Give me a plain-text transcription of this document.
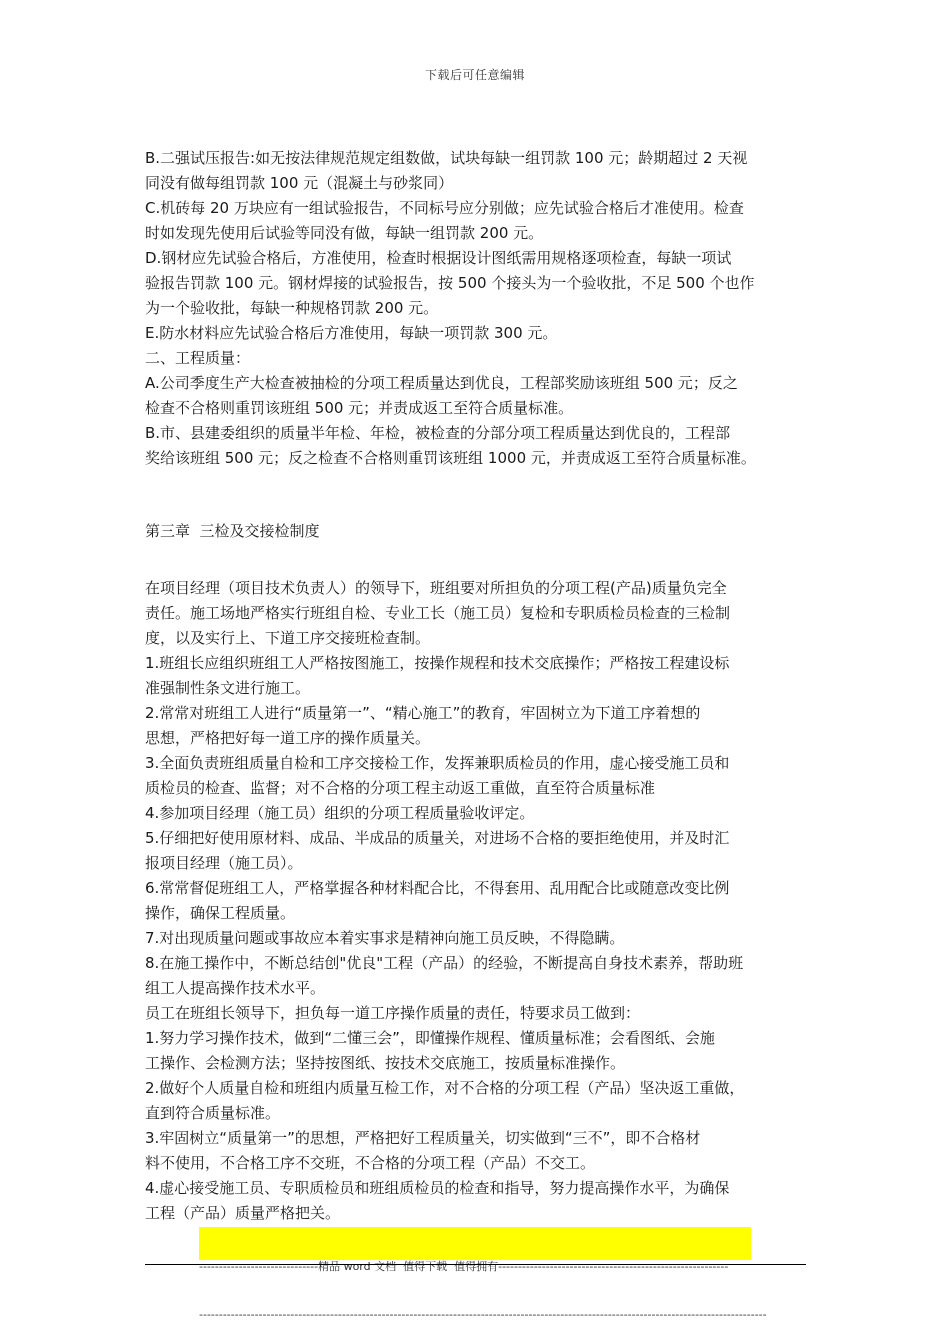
下载后可任意编辑
B.二强试压报告:如无按法律规范规定组数做，试块每缺一组罚款 100 元；龄期超过 2 天视
同没有做每组罚款 100 元（混凝土与砂浆同）
C.机砖每 20 万块应有一组试验报告，不同标号应分别做；应先试验合格后才准使用。检查
时如发现先使用后试验等同没有做，每缺一组罚款 200 元。
D.钢材应先试验合格后，方准使用，检查时根据设计图纸需用规格逐项检查，每缺一项试
验报告罚款 100 元。钢材焊接的试验报告，按 500 个接头为一个验收批，不足 500 个也作
为一个验收批，每缺一种规格罚款 200 元。
E.防水材料应先试验合格后方准使用，每缺一项罚款 300 元。
二、工程质量：
A.公司季度生产大检查被抽检的分项工程质量达到优良，工程部奖励该班组 500 元；反之
检查不合格则重罚该班组 500 元；并责成返工至符合质量标准。
B.市、县建委组织的质量半年检、年检，被检查的分部分项工程质量达到优良的，工程部
奖给该班组 500 元；反之检查不合格则重罚该班组 1000 元，并责成返工至符合质量标准。
第三章  三检及交接检制度
在项目经理（项目技术负责人）的领导下，班组要对所担负的分项工程(产品)质量负完全
责任。施工场地严格实行班组自检、专业工长（施工员）复检和专职质检员检查的三检制
度，以及实行上、下道工序交接班检查制。
1.班组长应组织班组工人严格按图施工，按操作规程和技术交底操作；严格按工程建设标
准强制性条文进行施工。
2.常常对班组工人进行“质量第一”、“精心施工”的教育，牢固树立为下道工序着想的
思想，严格把好每一道工序的操作质量关。
3.全面负责班组质量自检和工序交接检工作，发挥兼职质检员的作用，虚心接受施工员和
质检员的检查、监督；对不合格的分项工程主动返工重做，直至符合质量标准
4.参加项目经理（施工员）组织的分项工程质量验收评定。
5.仔细把好使用原材料、成品、半成品的质量关，对进场不合格的要拒绝使用，并及时汇
报项目经理（施工员）。
6.常常督促班组工人，严格掌握各种材料配合比，不得套用、乱用配合比或随意改变比例
操作，确保工程质量。
7.对出现质量问题或事故应本着实事求是精神向施工员反映，不得隐瞒。
8.在施工操作中，不断总结创"优良"工程（产品）的经验，不断提高自身技术素养，帮助班
组工人提高操作技术水平。
员工在班组长领导下，担负每一道工序操作质量的责任，特要求员工做到：
1.努力学习操作技术，做到“二懂三会”，即懂操作规程、懂质量标准；会看图纸、会施
工操作、会检测方法；坚持按图纸、按技术交底施工，按质量标准操作。
2.做好个人质量自检和班组内质量互检工作，对不合格的分项工程（产品）坚决返工重做，
直到符合质量标准。
3.牢固树立“质量第一”的思想，严格把好工程质量关，切实做到“三不”，即不合格材
料不使用，不合格工序不交班，不合格的分项工程（产品）不交工。
4.虚心接受施工员、专职质检员和班组质检员的检查和指导，努力提高操作水平，为确保
工程（产品）质量严格把关。

------------------------------精品 word 文档  值得下载  值得拥有----------------------------------------------------------

-----------------------------------------------------------------------------------------------------------------------------------------------
